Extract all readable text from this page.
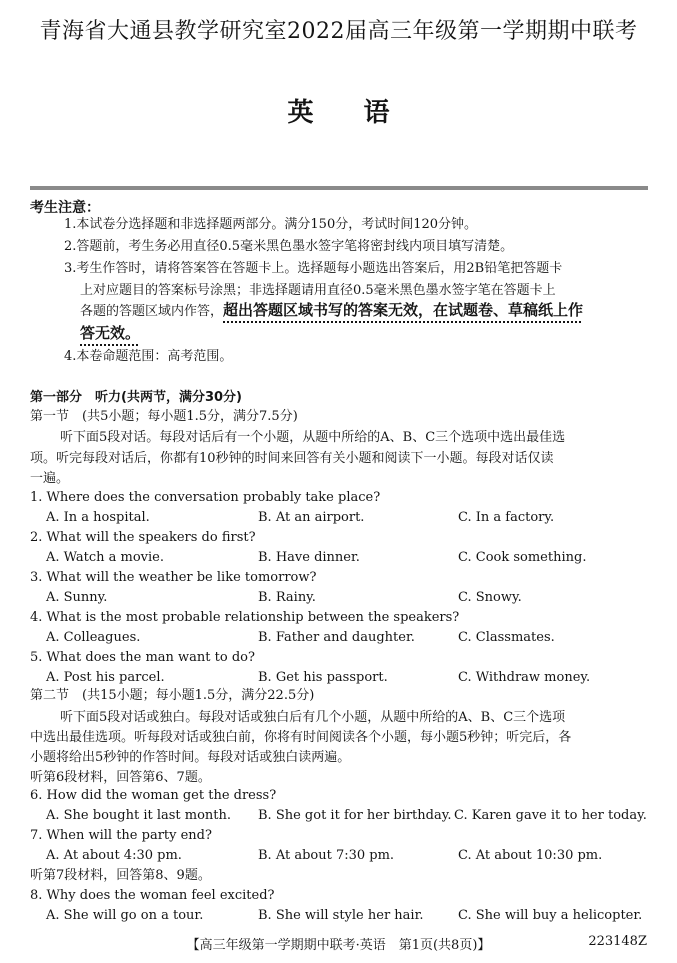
青海省大通县教学研究室2022届高三年级第一学期期中联考
英 语
考生注意：
1.本试卷分选择题和非选择题两部分。满分150分，考试时间120分钟。
2.答题前，考生务必用直径0.5毫米黑色墨水签字笔将密封线内项目填写清楚。
3.考生作答时，请将答案答在答题卡上。选择题每小题选出答案后，用2B铅笔把答题卡
上对应题目的答案标号涂黑；非选择题请用直径0.5毫米黑色墨水签字笔在答题卡上
各题的答题区域内作答，超出答题区域书写的答案无效，在试题卷、草稿纸上作
答无效。
4.本卷命题范围：高考范围。
第一部分　听力(共两节，满分30分)
第一节　(共5小题；每小题1.5分，满分7.5分)
听下面5段对话。每段对话后有一个小题，从题中所给的A、B、C三个选项中选出最佳选
项。听完每段对话后，你都有10秒钟的时间来回答有关小题和阅读下一小题。每段对话仅读
一遍。
1. Where does the conversation probably take place?
A. In a hospital.	B. At an airport.	C. In a factory.
2. What will the speakers do first?
A. Watch a movie.	B. Have dinner.	C. Cook something.
3. What will the weather be like tomorrow?
A. Sunny.	B. Rainy.	C. Snowy.
4. What is the most probable relationship between the speakers?
A. Colleagues.	B. Father and daughter.	C. Classmates.
5. What does the man want to do?
A. Post his parcel.	B. Get his passport.	C. Withdraw money.
第二节　(共15小题；每小题1.5分，满分22.5分)
听下面5段对话或独白。每段对话或独白后有几个小题，从题中所给的A、B、C三个选项
中选出最佳选项。听每段对话或独白前，你将有时间阅读各个小题，每小题5秒钟；听完后，各
小题将给出5秒钟的作答时间。每段对话或独白读两遍。
听第6段材料，回答第6、7题。
6. How did the woman get the dress?
A. She bought it last month. B. She got it for her birthday. C. Karen gave it to her today.
7. When will the party end?
A. At about 4:30 pm.	B. At about 7:30 pm.	C. At about 10:30 pm.
听第7段材料，回答第8、9题。
8. Why does the woman feel excited?
A. She will go on a tour.	B. She will style her hair.	C. She will buy a helicopter.
【高三年级第一学期期中联考·英语　第1页(共8页)】	223148Z
